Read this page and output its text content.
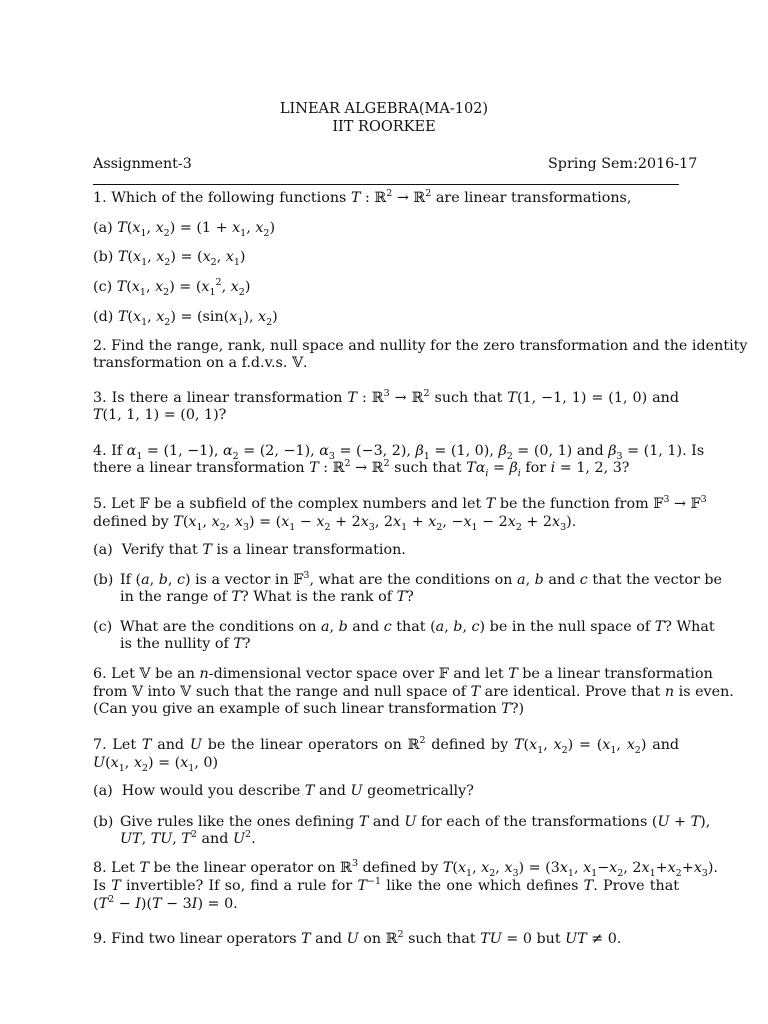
LINEAR ALGEBRA(MA-102)
IIT ROORKEE
Assignment-3	Spring Sem:2016-17
1. Which of the following functions T : ℝ$^2$ → ℝ$^2$ are linear transformations,
(a) $T(x_1$, $x_2) = (1 + x_1$, $x_2$)
(b) $T(x_1$, $x_2) = (x_2$, $x_1$)
(c) $T(x_1$, $x_2) = (x_1^2$, $x_2$)
(d) $T(x_1$, $x_2) = (\sin(x_1)$, $x_2$)
2. Find the range, rank, null space and nullity for the zero transformation and the identity
transformation on a f.d.v.s. 𝕍.
3. Is there a linear transformation T : ℝ$^3$ → ℝ$^2$ such that T(1, −1, 1) = (1, 0) and
T(1, 1, 1) = (0, 1)?
4. If $\alpha_1 = (1$, −1), $\alpha_2 = (2$, −1), $\alpha_3 = (-3$, 2), $\beta_1 = (1$, 0), $\beta_2 = (0$, 1) and $\beta_3 = (1$, 1). Is
there a linear transformation T : ℝ$^2$ → ℝ$^2$ such that $T\alpha_i = \beta_i$ for i = 1, 2, 3?
5. Let 𝔽 be a subfield of the complex numbers and let T be the function from 𝔽$^3$ → 𝔽$^3$
defined by $T(x_1$, $x_2$, $x_3) = (x_1 - x_2 + 2x_3$, $2x_1 + x_2$, $-x_1 - 2x_2 + 2x_3$).
(a) Verify that T is a linear transformation.
(b) If (a, b, c) is a vector in 𝔽$^3$, what are the conditions on a, b and c that the vector be
in the range of T? What is the rank of T?
(c) What are the conditions on a, b and c that (a, b, c) be in the null space of T? What
is the nullity of T?
6. Let 𝕍 be an n-dimensional vector space over 𝔽 and let T be a linear transformation
from 𝕍 into 𝕍 such that the range and null space of T are identical. Prove that n is even.
(Can you give an example of such linear transformation T?)
7. Let T and U be the linear operators on ℝ$^2$ defined by $T(x_1$, $x_2) = (x_1$, $x_2$) and
$U(x_1$, $x_2) = (x_1$, 0)
(a) How would you describe T and U geometrically?
(b) Give rules like the ones defining T and U for each of the transformations (U + T),
UT, TU, $T^2$ and $U^2$.
8. Let T be the linear operator on ℝ$^3$ defined by $T(x_1$, $x_2$, $x_3) = (3x_1$, $x_1-x_2$, $2x_1+x_2+x_3$).
Is T invertible? If so, find a rule for $T^{-1}$ like the one which defines T. Prove that
$(T^2 - I)(T - 3I) = 0$.
9. Find two linear operators T and U on ℝ$^2$ such that TU = 0 but UT ≠ 0.
